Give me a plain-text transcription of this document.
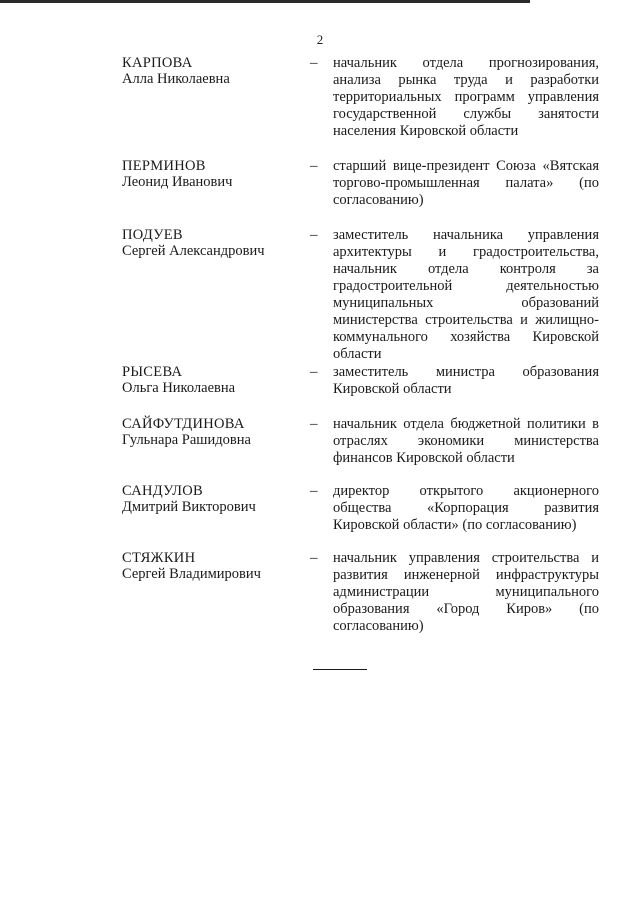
2
КАРПОВА
Алла Николаевна
– начальник отдела прогнозирования, анализа рынка труда и разработки территориальных программ управления государственной службы занятости населения Кировской области
ПЕРМИНОВ
Леонид Иванович
– старший вице-президент Союза «Вятская торгово-промышленная палата» (по согласованию)
ПОДУЕВ
Сергей Александрович
– заместитель начальника управления архитектуры и градостроительства, начальник отдела контроля за градостроительной деятельностью муниципальных образований министерства строительства и жилищно-коммунального хозяйства Кировской области
РЫСЕВА
Ольга Николаевна
– заместитель министра образования Кировской области
САЙФУТДИНОВА
Гульнара Рашидовна
– начальник отдела бюджетной политики в отраслях экономики министерства финансов Кировской области
САНДУЛОВ
Дмитрий Викторович
– директор открытого акционерного общества «Корпорация развития Кировской области» (по согласованию)
СТЯЖКИН
Сергей Владимирович
– начальник управления строительства и развития инженерной инфраструктуры администрации муниципального образования «Город Киров» (по согласованию)
